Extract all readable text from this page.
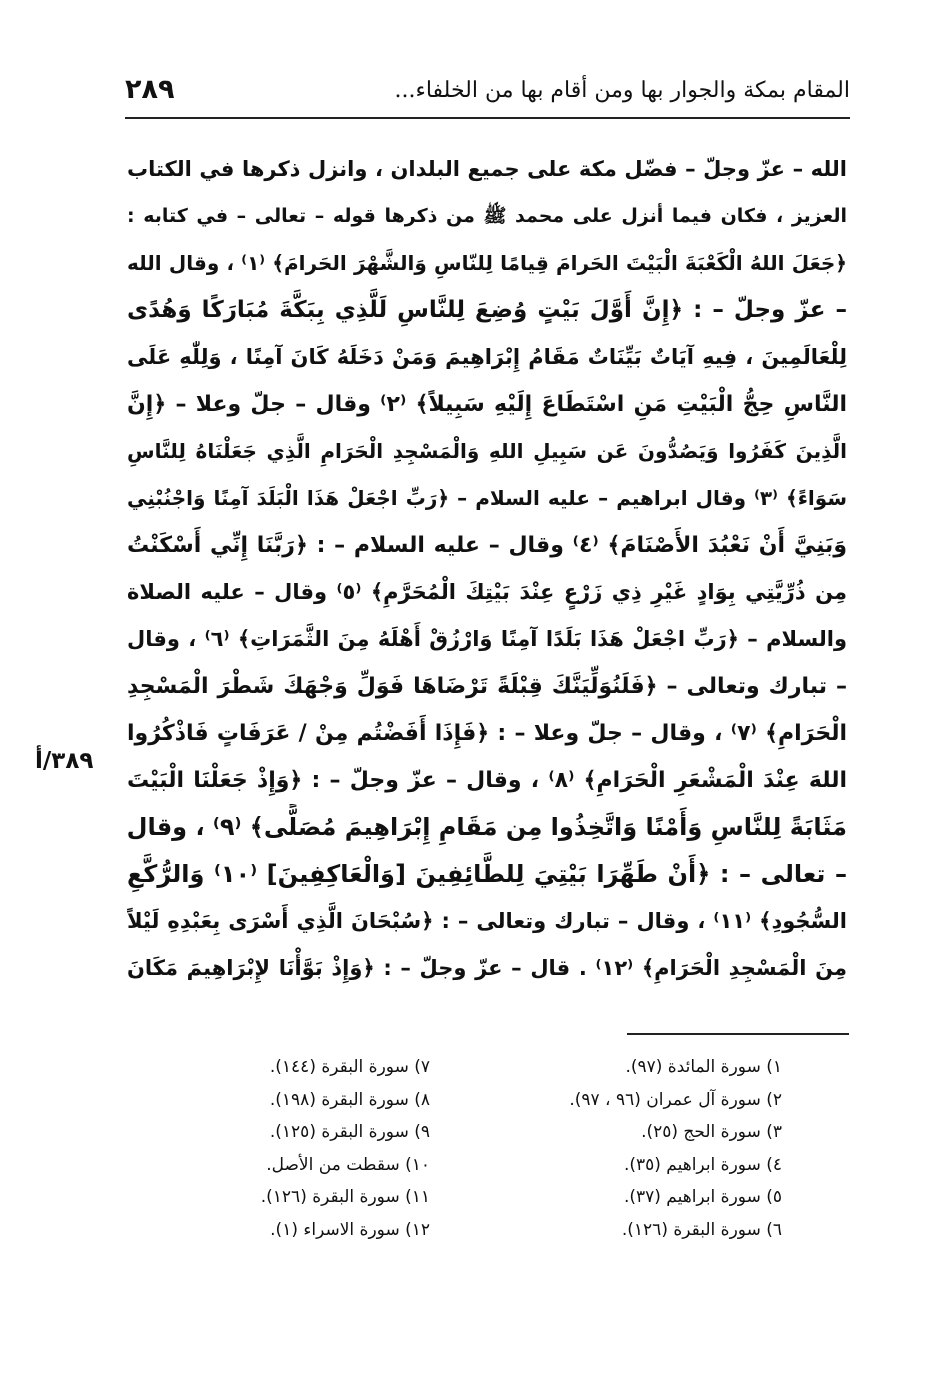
المقام بمكة والجوار بها ومن أقام بها من الخلفاء...
٢٨٩
الله – عزّ وجلّ – فضّل مكة على جميع البلدان ، وانزل ذكرها في الكتاب
العزيز ، فكان فيما أنزل على محمد ﷺ من ذكرها قوله – تعالى – في كتابه :
﴿جَعَلَ اللهُ الْكَعْبَةَ الْبَيْتَ الحَرامَ قِيامًا لِلنّاسِ وَالشَّهْرَ الحَرامَ﴾ ⁽١⁾ ، وقال الله
– عزّ وجلّ – : ﴿إِنَّ أَوَّلَ بَيْتٍ وُضِعَ لِلنَّاسِ لَلَّذِي بِبَكَّةَ مُبَارَكًا وَهُدًى
لِلْعَالَمِينَ ، فِيهِ آيَاتٌ بَيِّنَاتٌ مَقَامُ إِبْرَاهِيمَ وَمَنْ دَخَلَهُ كَانَ آمِنًا ، وَلِلّٰهِ عَلَى
النَّاسِ حِجُّ الْبَيْتِ مَنِ اسْتَطَاعَ إِلَيْهِ سَبِيلاً﴾ ⁽٢⁾ وقال – جلّ وعلا – ﴿إِنَّ
الَّذِينَ كَفَرُوا وَيَصُدُّونَ عَن سَبِيلِ اللهِ وَالْمَسْجِدِ الْحَرَامِ الَّذِي جَعَلْنَاهُ لِلنَّاسِ
سَوَاءً﴾ ⁽٣⁾ وقال ابراهيم – عليه السلام – ﴿رَبِّ اجْعَلْ هَذَا الْبَلَدَ آمِنًا وَاجْنُبْنِي
وَبَنِيَّ أَنْ نَعْبُدَ الأَصْنَامَ﴾ ⁽٤⁾ وقال – عليه السلام – : ﴿رَبَّنَا إِنِّي أَسْكَنْتُ
مِن ذُرِّيَّتِي بِوَادٍ غَيْرِ ذِي زَرْعٍ عِنْدَ بَيْتِكَ الْمُحَرَّمِ﴾ ⁽٥⁾ وقال – عليه الصلاة
والسلام – ﴿رَبِّ اجْعَلْ هَذَا بَلَدًا آمِنًا وَارْزُقْ أَهْلَهُ مِنَ الثَّمَرَاتِ﴾ ⁽٦⁾ ، وقال
– تبارك وتعالى – ﴿فَلَنُوَلِّيَنَّكَ قِبْلَةً تَرْضَاهَا فَوَلِّ وَجْهَكَ شَطْرَ الْمَسْجِدِ
الْحَرَامِ﴾ ⁽٧⁾ ، وقال – جلّ وعلا – : ﴿فَإِذَا أَفَضْتُم مِنْ / عَرَفَاتٍ فَاذْكُرُوا
اللهَ عِنْدَ الْمَشْعَرِ الْحَرَامِ﴾ ⁽٨⁾ ، وقال – عزّ وجلّ – : ﴿وَإِذْ جَعَلْنَا الْبَيْتَ
مَثَابَةً لِلنَّاسِ وَأَمْنًا وَاتَّخِذُوا مِن مَقَامِ إِبْرَاهِيمَ مُصَلًّى﴾ ⁽٩⁾ ، وقال
– تعالى – : ﴿أَنْ طَهِّرَا بَيْتِيَ لِلطَّائِفِينَ [وَالْعَاكِفِينَ] ⁽١٠⁾ وَالرُّكَّعِ
السُّجُودِ﴾ ⁽١١⁾ ، وقال – تبارك وتعالى – : ﴿سُبْحَانَ الَّذِي أَسْرَى بِعَبْدِهِ لَيْلاً
مِنَ الْمَسْجِدِ الْحَرَامِ﴾ ⁽١٢⁾ . قال – عزّ وجلّ – : ﴿وَإِذْ بَوَّأْنَا لإِبْرَاهِيمَ مَكَانَ
٣٨٩/أ
١) سورة المائدة (٩٧).
٢) سورة آل عمران (٩٦ ، ٩٧).
٣) سورة الحج (٢٥).
٤) سورة ابراهيم (٣٥).
٥) سورة ابراهيم (٣٧).
٦) سورة البقرة (١٢٦).
٧) سورة البقرة (١٤٤).
٨) سورة البقرة (١٩٨).
٩) سورة البقرة (١٢٥).
١٠) سقطت من الأصل.
١١) سورة البقرة (١٢٦).
١٢) سورة الاسراء (١).
